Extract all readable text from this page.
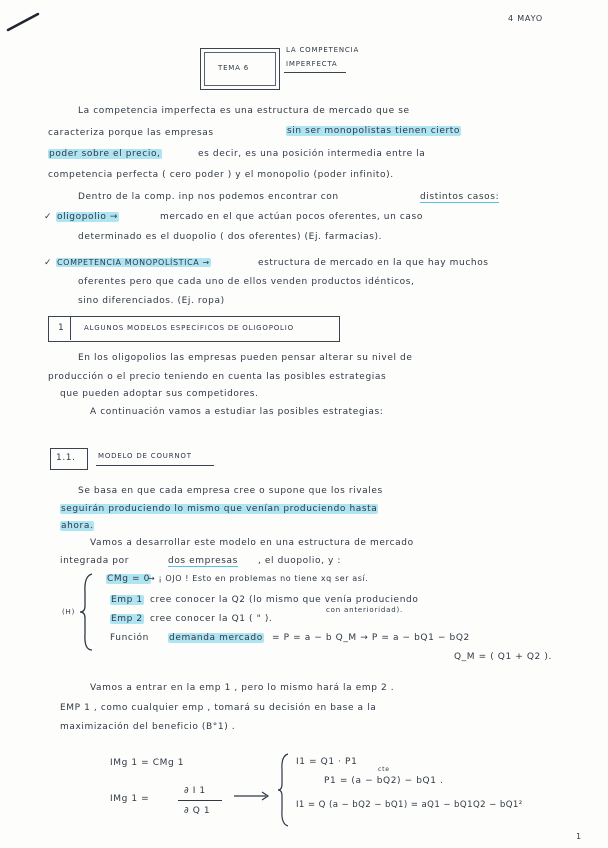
4 MAYO
TEMA 6
LA COMPETENCIA
IMPERFECTA
La competencia imperfecta es una estructura de mercado que se
caracteriza porque las empresas	sin ser monopolistas tienen cierto
poder sobre el precio,	es decir, es una posición intermedia entre la
competencia perfecta ( cero poder ) y el monopolio (poder infinito).
Dentro de la comp. inp nos podemos encontrar con	distintos casos:
✓ oligopolio →	mercado en el que actúan pocos oferentes, un caso
determinado es el duopolio ( dos oferentes) (Ej. farmacias).
✓ COMPETENCIA MONOPOLÍSTICA →	estructura de mercado en la que hay muchos
oferentes pero que cada uno de ellos venden productos idénticos,
sino diferenciados. (Ej. ropa)
1	ALGUNOS MODELOS ESPECÍFICOS DE OLIGOPOLIO
En los oligopolios las empresas pueden pensar alterar su nivel de
producción o el precio teniendo en cuenta las posibles estrategias
que pueden adoptar sus competidores.
A continuación vamos a estudiar las posibles estrategias:
1.1.	MODELO DE COURNOT
Se basa en que cada empresa cree o supone que los rivales
seguirán produciendo lo mismo que venían produciendo hasta
ahora.
Vamos a desarrollar este modelo en una estructura de mercado
integrada por	dos empresas , el duopolio, y :
(H)
CMg = 0
→ ¡ OJO ! Esto en problemas no tiene xq ser así.
Emp 1 cree conocer la Q2 (lo mismo que venía produciendo
con anterioridad).
Emp 2 cree conocer la Q1 ( " ).
Función demanda mercado = P = a − b Q_M → P = a − bQ1 − bQ2
Q_M = ( Q1 + Q2 ).
Vamos a entrar en la emp 1 , pero lo mismo hará la emp 2 .
EMP 1 , como cualquier emp , tomará su decisión en base a la
maximización del beneficio (B°1) .
IMg 1 = CMg 1
IMg 1 =
∂ I 1
∂ Q 1
I1 = Q1 · P1
cte
P1 = (a − bQ2) − bQ1 .
I1 = Q (a − bQ2 − bQ1) = aQ1 − bQ1Q2 − bQ1²
1
